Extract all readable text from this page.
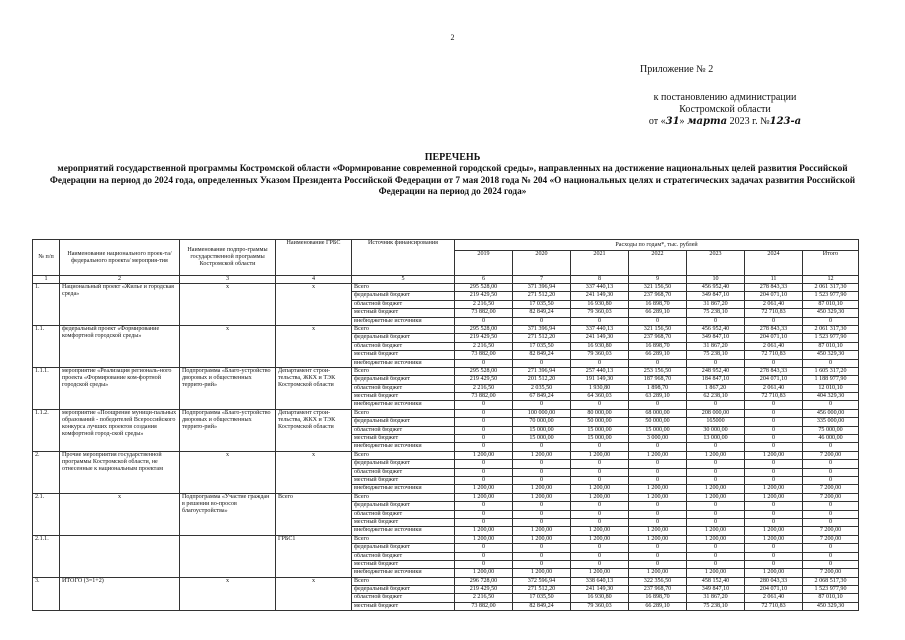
2
Приложение № 2
к постановлению администрации
Костромской области
от «31» марта 2023 г. №123-а
ПЕРЕЧЕНЬ
мероприятий государственной программы Костромской области «Формирование современной городской среды», направленных на достижение национальных целей развития Российской Федерации на период до 2024 года, определенных Указом Президента Российской Федерации от 7 мая 2018 года № 204 «О национальных целях и стратегических задачах развития Российской Федерации на период до 2024 года»
№ п/п	Наименование национального проек-та/ федерального проекта/ мероприя-тия	Наименование подпро-граммы государственной программы Костромской области	Наименование ГРБС	Источник финансирования	Расходы по годам*, тыс. рублей						
					2019	2020	2021	2022	2023	2024	Итого
1	2	3	4	5	6	7	8	9	10	11	12
1.	Национальный проект «Жилье и городская среда»	х	х	Всего	295 528,00	371 396,94	337 440,13	321 156,50	456 952,40	278 843,33	2 061 317,30
				федеральный бюджет	219 429,50	271 512,20	241 149,30	237 968,70	349 847,10	204 071,10	1 523 977,90
				областной бюджет	2 216,50	17 035,50	16 930,80	16 898,70	31 867,20	2 061,40	87 010,10
				местный бюджет	73 882,00	82 849,24	79 360,03	66 289,10	75 238,10	72 710,83	450 329,30
				внебюджетные источники	0	0	0	0	0	0	0
1.1.	федеральный проект «Формирование комфортной городской среды»	х	х	Всего	295 528,00	371 396,94	337 440,13	321 156,50	456 952,40	278 843,33	2 061 317,30
				федеральный бюджет	219 429,50	271 512,20	241 149,30	237 968,70	349 847,10	204 071,10	1 523 977,90
				областной бюджет	2 216,50	17 035,50	16 930,80	16 898,70	31 867,20	2 061,40	87 010,10
				местный бюджет	73 882,00	82 849,24	79 360,03	66 289,10	75 238,10	72 710,83	450 329,30
				внебюджетные источники	0	0	0	0	0	0	0
1.1.1.	мероприятие «Реализация региональ-ного проекта «Формирование ком-фортной городской среды»	Подпрограмма «Благо-устройство дворовых и общественных террито-рий»	Департамент строи-тельства, ЖКХ и ТЭК Костромской области	Всего	295 528,00	271 396,94	257 440,13	253 156,50	248 952,40	278 843,33	1 605 317,20
				федеральный бюджет	219 429,50	201 512,20	191 149,30	187 968,70	184 847,10	204 071,10	1 188 977,90
				областной бюджет	2 216,50	2 035,50	1 930,80	1 898,70	1 867,20	2 061,40	12 010,10
				местный бюджет	73 882,00	67 849,24	64 360,03	63 289,10	62 238,10	72 710,83	404 329,30
				внебюджетные источники	0	0	0	0	0	0	0
1.1.2.	мероприятие «Поощрение муници-пальных образований - победителей Всероссийского конкурса лучших проектов создания комфортной город-ской среды»	Подпрограмма «Благо-устройство дворовых и общественных террито-рий»	Департамент строи-тельства, ЖКХ и ТЭК Костромской области	Всего	0	100 000,00	80 000,00	68 000,00	208 000,00	0	456 000,00
				федеральный бюджет	0	70 000,00	50 000,00	50 000,00	165000	0	335 000,00
				областной бюджет	0	15 000,00	15 000,00	15 000,00	30 000,00	0	75 000,00
				местный бюджет	0	15 000,00	15 000,00	3 000,00	13 000,00	0	46 000,00
				внебюджетные источники	0	0	0	0	0	0	0
2.	Прочие мероприятия государственной программы Костромской области, не отнесенные к национальным проектам	х	х	Всего	1 200,00	1 200,00	1 200,00	1 200,00	1 200,00	1 200,00	7 200,00
				федеральный бюджет	0	0	0	0	0	0	0
				областной бюджет	0	0	0	0	0	0	0
				местный бюджет	0	0	0	0	0	0	0
				внебюджетные источники	1 200,00	1 200,00	1 200,00	1 200,00	1 200,00	1 200,00	7 200,00
2.1.	х	Подпрограмма «Участие граждан в решении во-просов благоустройства»	Всего	Всего	1 200,00	1 200,00	1 200,00	1 200,00	1 200,00	1 200,00	7 200,00
				федеральный бюджет	0	0	0	0	0	0	0
				областной бюджет	0	0	0	0	0	0	0
				местный бюджет	0	0	0	0	0	0	0
				внебюджетные источники	1 200,00	1 200,00	1 200,00	1 200,00	1 200,00	1 200,00	7 200,00
2.1.1.			ГРБС1	Всего	1 200,00	1 200,00	1 200,00	1 200,00	1 200,00	1 200,00	7 200,00
				федеральный бюджет	0	0	0	0	0	0	0
				областной бюджет	0	0	0	0	0	0	0
				местный бюджет	0	0	0	0	0	0	0
				внебюджетные источники	1 200,00	1 200,00	1 200,00	1 200,00	1 200,00	1 200,00	7 200,00
3.	ИТОГО (3=1+2)	х	х	Всего	296 728,00	372 596,94	338 640,13	322 356,50	458 152,40	280 043,33	2 068 517,30
				федеральный бюджет	219 429,50	271 512,20	241 149,30	237 968,70	349 847,10	204 071,10	1 523 977,90
				областной бюджет	2 216,50	17 035,50	16 930,80	16 898,70	31 867,20	2 061,40	87 010,10
				местный бюджет	73 882,00	82 849,24	79 360,03	66 289,10	75 238,10	72 710,83	450 329,30
